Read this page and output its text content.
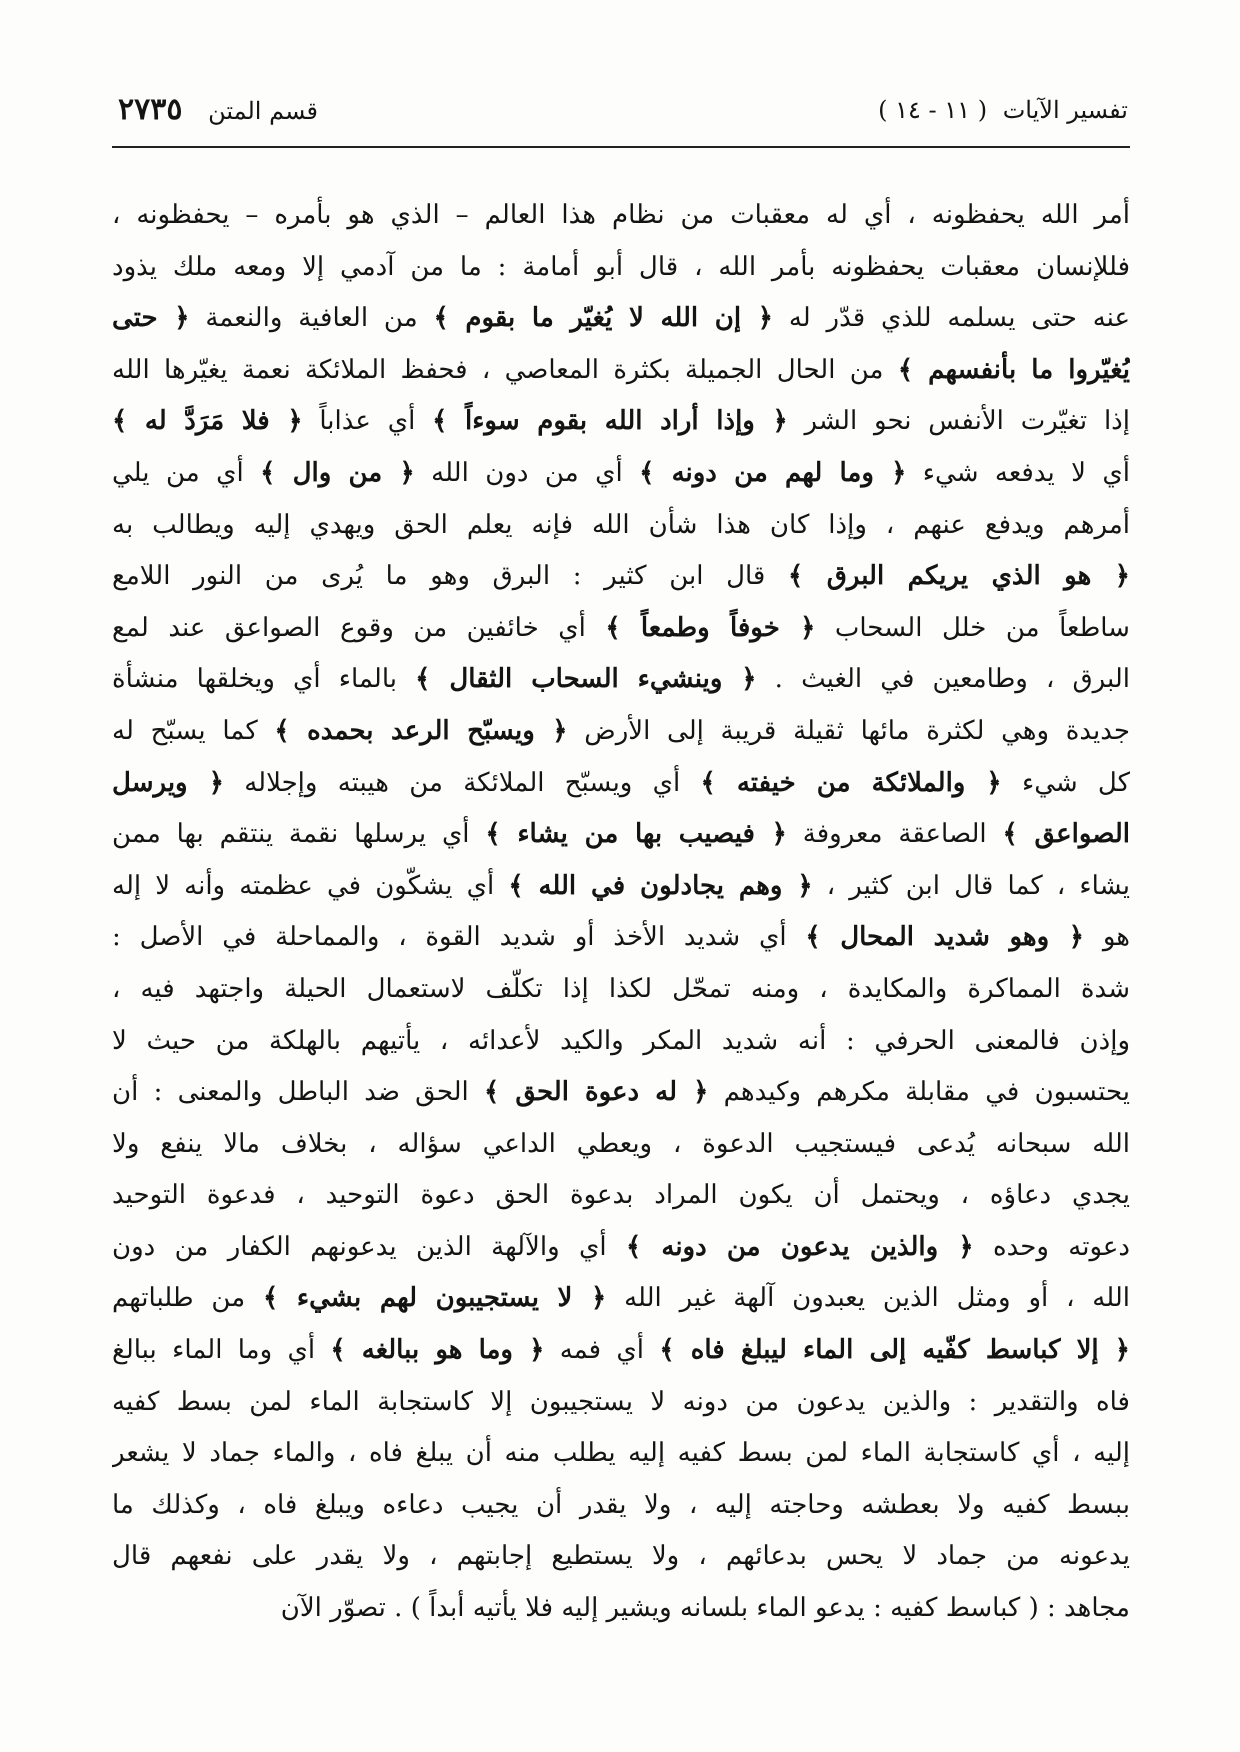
تفسير الآيات ( ١١ - ١٤ )
قسم المتن ٢٧٣٥
أمر الله يحفظونه ، أي له معقبات من نظام هذا العالم – الذي هو بأمره – يحفظونه ،
فللإنسان معقبات يحفظونه بأمر الله ، قال أبو أمامة : ما من آدمي إلا ومعه ملك يذود
عنه حتى يسلمه للذي قدّر له ﴿ إن الله لا يُغيّر ما بقوم ﴾ من العافية والنعمة ﴿ حتى
يُغيّروا ما بأنفسهم ﴾ من الحال الجميلة بكثرة المعاصي ، فحفظ الملائكة نعمة يغيّرها الله
إذا تغيّرت الأنفس نحو الشر ﴿ وإذا أراد الله بقوم سوءاً ﴾ أي عذاباً ﴿ فلا مَرَدَّ له ﴾
أي لا يدفعه شيء ﴿ وما لهم من دونه ﴾ أي من دون الله ﴿ من وال ﴾ أي من يلي
أمرهم ويدفع عنهم ، وإذا كان هذا شأن الله فإنه يعلم الحق ويهدي إليه ويطالب به
﴿ هو الذي يريكم البرق ﴾ قال ابن كثير : البرق وهو ما يُرى من النور اللامع
ساطعاً من خلل السحاب ﴿ خوفاً وطمعاً ﴾ أي خائفين من وقوع الصواعق عند لمع
البرق ، وطامعين في الغيث . ﴿ وينشيء السحاب الثقال ﴾ بالماء أي ويخلقها منشأة
جديدة وهي لكثرة مائها ثقيلة قريبة إلى الأرض ﴿ ويسبّح الرعد بحمده ﴾ كما يسبّح له
كل شيء ﴿ والملائكة من خيفته ﴾ أي ويسبّح الملائكة من هيبته وإجلاله ﴿ ويرسل
الصواعق ﴾ الصاعقة معروفة ﴿ فيصيب بها من يشاء ﴾ أي يرسلها نقمة ينتقم بها ممن
يشاء ، كما قال ابن كثير ، ﴿ وهم يجادلون في الله ﴾ أي يشكّون في عظمته وأنه لا إله
هو ﴿ وهو شديد المحال ﴾ أي شديد الأخذ أو شديد القوة ، والمماحلة في الأصل :
شدة المماكرة والمكايدة ، ومنه تمحّل لكذا إذا تكلّف لاستعمال الحيلة واجتهد فيه ،
وإذن فالمعنى الحرفي : أنه شديد المكر والكيد لأعدائه ، يأتيهم بالهلكة من حيث لا
يحتسبون في مقابلة مكرهم وكيدهم ﴿ له دعوة الحق ﴾ الحق ضد الباطل والمعنى : أن
الله سبحانه يُدعى فيستجيب الدعوة ، ويعطي الداعي سؤاله ، بخلاف مالا ينفع ولا
يجدي دعاؤه ، ويحتمل أن يكون المراد بدعوة الحق دعوة التوحيد ، فدعوة التوحيد
دعوته وحده ﴿ والذين يدعون من دونه ﴾ أي والآلهة الذين يدعونهم الكفار من دون
الله ، أو ومثل الذين يعبدون آلهة غير الله ﴿ لا يستجيبون لهم بشيء ﴾ من طلباتهم
﴿ إلا كباسط كفّيه إلى الماء ليبلغ فاه ﴾ أي فمه ﴿ وما هو ببالغه ﴾ أي وما الماء ببالغ
فاه والتقدير : والذين يدعون من دونه لا يستجيبون إلا كاستجابة الماء لمن بسط كفيه
إليه ، أي كاستجابة الماء لمن بسط كفيه إليه يطلب منه أن يبلغ فاه ، والماء جماد لا يشعر
ببسط كفيه ولا بعطشه وحاجته إليه ، ولا يقدر أن يجيب دعاءه ويبلغ فاه ، وكذلك ما
يدعونه من جماد لا يحس بدعائهم ، ولا يستطيع إجابتهم ، ولا يقدر على نفعهم قال
مجاهد : ( كباسط كفيه : يدعو الماء بلسانه ويشير إليه فلا يأتيه أبداً ) . تصوّر الآن
